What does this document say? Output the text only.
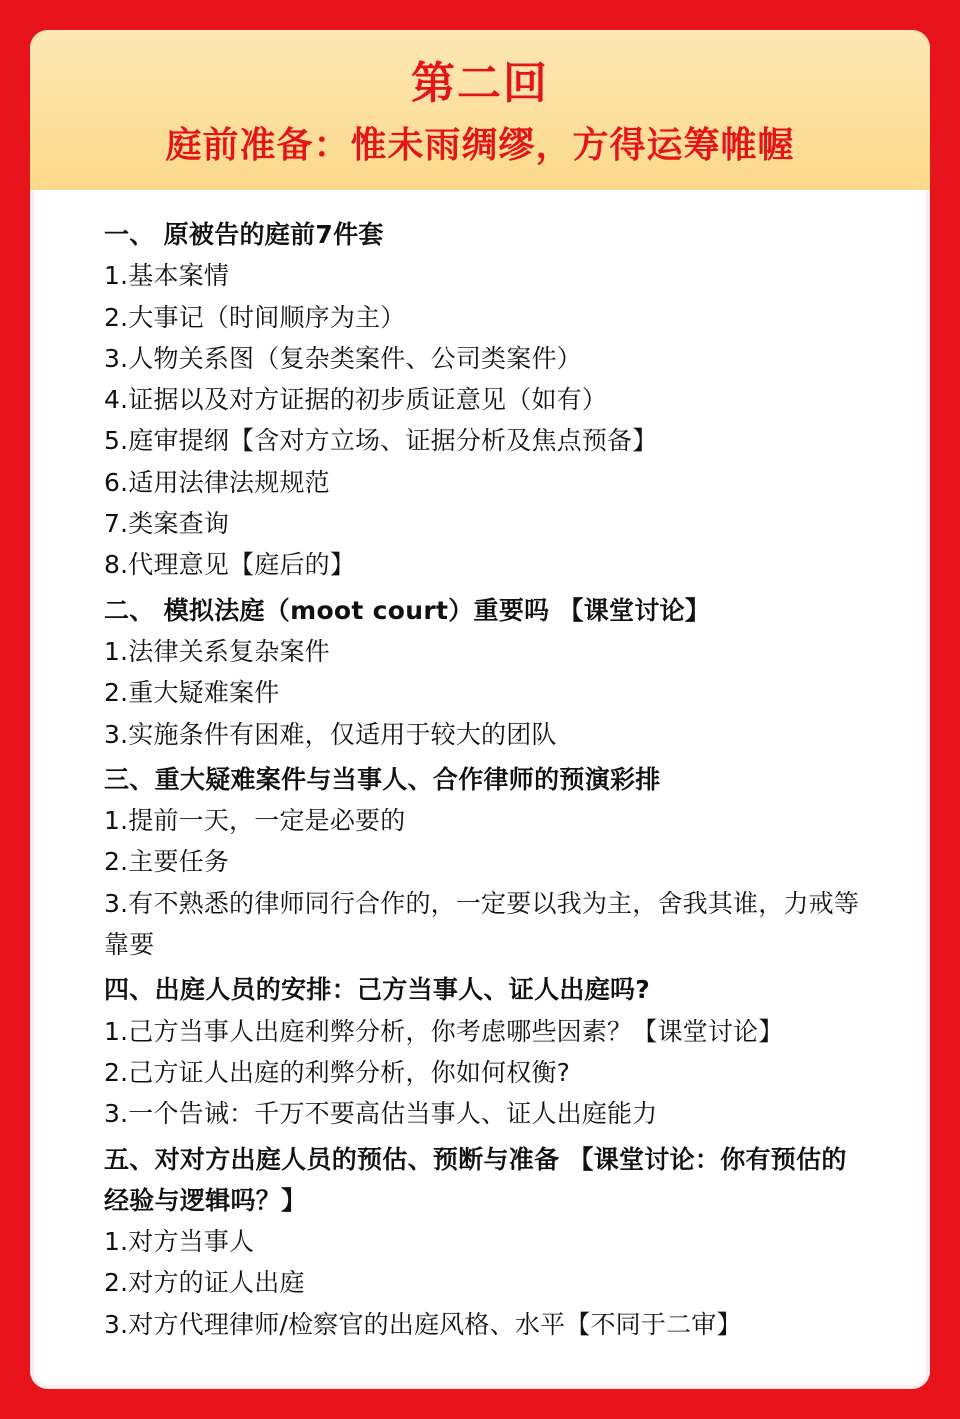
第二回
庭前准备：惟未雨绸缪，方得运筹帷幄
一、 原被告的庭前7件套
1.基本案情
2.大事记（时间顺序为主）
3.人物关系图（复杂类案件、公司类案件）
4.证据以及对方证据的初步质证意见（如有）
5.庭审提纲【含对方立场、证据分析及焦点预备】
6.适用法律法规规范
7.类案查询
8.代理意见【庭后的】
二、 模拟法庭（moot court）重要吗 【课堂讨论】
1.法律关系复杂案件
2.重大疑难案件
3.实施条件有困难，仅适用于较大的团队
三、重大疑难案件与当事人、合作律师的预演彩排
1.提前一天，一定是必要的
2.主要任务
3.有不熟悉的律师同行合作的，一定要以我为主，舍我其谁，力戒等靠要
四、出庭人员的安排：己方当事人、证人出庭吗?
1.己方当事人出庭利弊分析，你考虑哪些因素？【课堂讨论】
2.己方证人出庭的利弊分析，你如何权衡?
3.一个告诫：千万不要高估当事人、证人出庭能力
五、对对方出庭人员的预估、预断与准备 【课堂讨论：你有预估的经验与逻辑吗？】
1.对方当事人
2.对方的证人出庭
3.对方代理律师/检察官的出庭风格、水平【不同于二审】
